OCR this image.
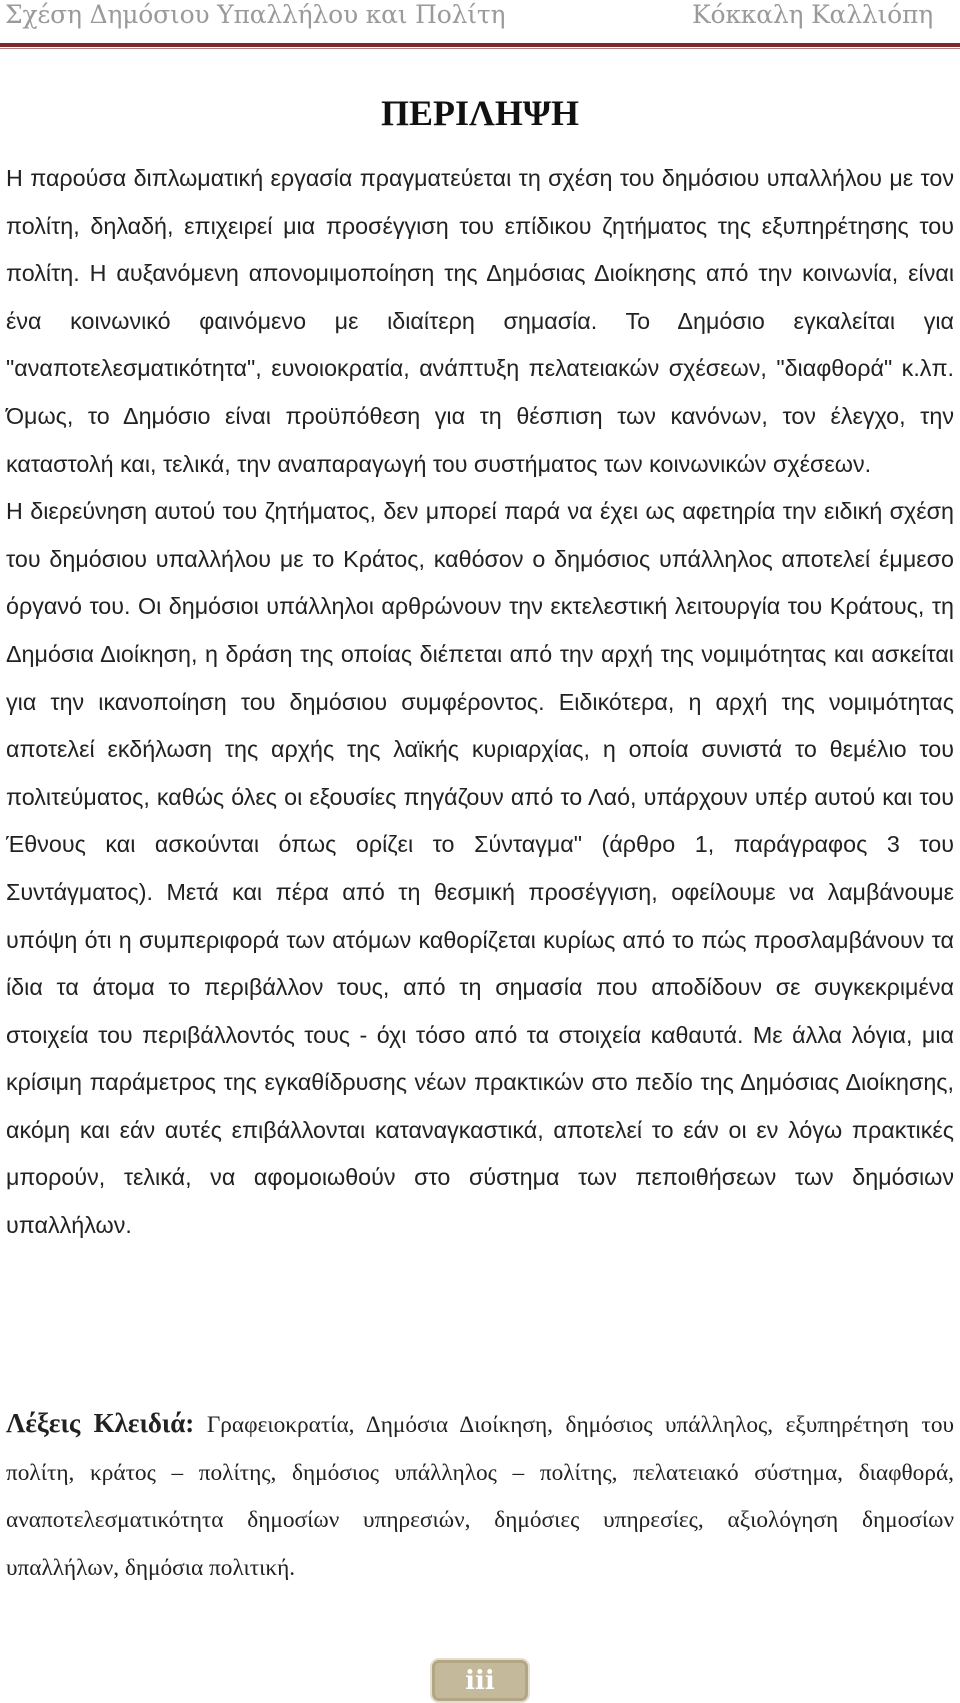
Σχέση Δημόσιου Υπαλλήλου και Πολίτη	Κόκκαλη Καλλιόπη
ΠΕΡΙΛΗΨΗ

Η παρούσα διπλωματική εργασία πραγματεύεται τη σχέση του δημόσιου υπαλλήλου με τον πολίτη, δηλαδή, επιχειρεί μια προσέγγιση του επίδικου ζητήματος της εξυπηρέτησης του πολίτη. Η αυξανόμενη απονομιμοποίηση της Δημόσιας Διοίκησης από την κοινωνία, είναι ένα κοινωνικό φαινόμενο με ιδιαίτερη σημασία. Το Δημόσιο εγκαλείται για "αναποτελεσματικότητα", ευνοιοκρατία, ανάπτυξη πελατειακών σχέσεων, "διαφθορά" κ.λπ. Όμως, το Δημόσιο είναι προϋπόθεση για τη θέσπιση των κανόνων, τον έλεγχο, την καταστολή και, τελικά, την αναπαραγωγή του συστήματος των κοινωνικών σχέσεων.

Η διερεύνηση αυτού του ζητήματος, δεν μπορεί παρά να έχει ως αφετηρία την ειδική σχέση του δημόσιου υπαλλήλου με το Κράτος, καθόσον ο δημόσιος υπάλληλος αποτελεί έμμεσο όργανό του. Οι δημόσιοι υπάλληλοι αρθρώνουν την εκτελεστική λειτουργία του Κράτους, τη Δημόσια Διοίκηση, η δράση της οποίας διέπεται από την αρχή της νομιμότητας και ασκείται για την ικανοποίηση του δημόσιου συμφέροντος. Ειδικότερα, η αρχή της νομιμότητας αποτελεί εκδήλωση της αρχής της λαϊκής κυριαρχίας, η οποία συνιστά το θεμέλιο του πολιτεύματος, καθώς όλες οι εξουσίες πηγάζουν από το Λαό, υπάρχουν υπέρ αυτού και του Έθνους και ασκούνται όπως ορίζει το Σύνταγμα" (άρθρο 1, παράγραφος 3 του Συντάγματος). Μετά και πέρα από τη θεσμική προσέγγιση, οφείλουμε να λαμβάνουμε υπόψη ότι η συμπεριφορά των ατόμων καθορίζεται κυρίως από το πώς προσλαμβάνουν τα ίδια τα άτομα το περιβάλλον τους, από τη σημασία που αποδίδουν σε συγκεκριμένα στοιχεία του περιβάλλοντός τους - όχι τόσο από τα στοιχεία καθαυτά. Με άλλα λόγια, μια κρίσιμη παράμετρος της εγκαθίδρυσης νέων πρακτικών στο πεδίο της Δημόσιας Διοίκησης, ακόμη και εάν αυτές επιβάλλονται καταναγκαστικά, αποτελεί το εάν οι εν λόγω πρακτικές μπορούν, τελικά, να αφομοιωθούν στο σύστημα των πεποιθήσεων των δημόσιων υπαλλήλων.

Λέξεις Κλειδιά: Γραφειοκρατία, Δημόσια Διοίκηση, δημόσιος υπάλληλος, εξυπηρέτηση του πολίτη, κράτος – πολίτης, δημόσιος υπάλληλος – πολίτης, πελατειακό σύστημα, διαφθορά, αναποτελεσματικότητα δημοσίων υπηρεσιών, δημόσιες υπηρεσίες, αξιολόγηση δημοσίων υπαλλήλων, δημόσια πολιτική.
iii
